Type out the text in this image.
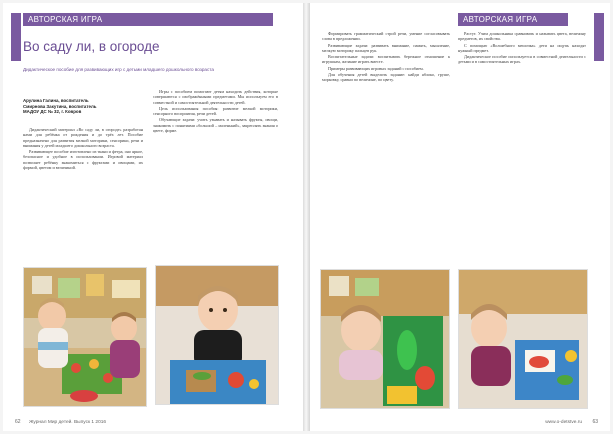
АВТОРСКАЯ ИГРА
Во саду ли, в огороде
Дидактическое пособие для развивающих игр с детьми младшего дошкольного возраста
Арулина Галина, воспитатель
Смирнова Закутина, воспитатель
МАДОУ ДС № 32, г. Ковров

Дидактический материал «Во саду ли, в огороде» разработан нами для ребёнка от рождения и до трёх лет. Пособие предназначено для развития мелкой моторики, сенсорики, речи и внимания у детей младшего дошкольного возраста.

Развивающее пособие изготовлено из ткани и фетра, оно яркое, безопасное и удобное в использовании. Игровой материал позволяет ребёнку знакомиться с фруктами и овощами, их формой, цветом и величиной.

Игры с пособием помогают детям находить действия, которые совершаются с изображёнными предметами. Мы используем его в совместной и самостоятельной деятельности детей.

Цель использования пособия: развитие мелкой моторики, сенсорного восприятия, речи детей.

Обучающие задачи: учить узнавать и называть фрукты, овощи, знакомить с понятиями «большой – маленький», закреплять знания о цвете, форме.

Журнал Мир детей. Выпуск 1 2016
62
АВТОРСКАЯ ИГРА

Формировать грамматический строй речи, умение согласовывать слова в предложении.

Развивающие задачи: развивать внимание, память, мышление, мелкую моторику пальцев рук.

Воспитательные задачи: воспитывать бережное отношение к игрушкам, желание играть вместе.

Примеры развивающих игровых заданий с пособием.

Для обучения детей выделить задание: найди яблоко, груше, морковку, сравни по величине, по цвету.

Растут. Учим дошкольника сравнивать и называть цвета, величину предметов, их свойства.

С помощью «Волшебного мешочка» дети на ощупь находят нужный предмет.

Дидактическое пособие используется в совместной деятельности с детьми и в самостоятельных играх.

www.o-detstve.ru 63
